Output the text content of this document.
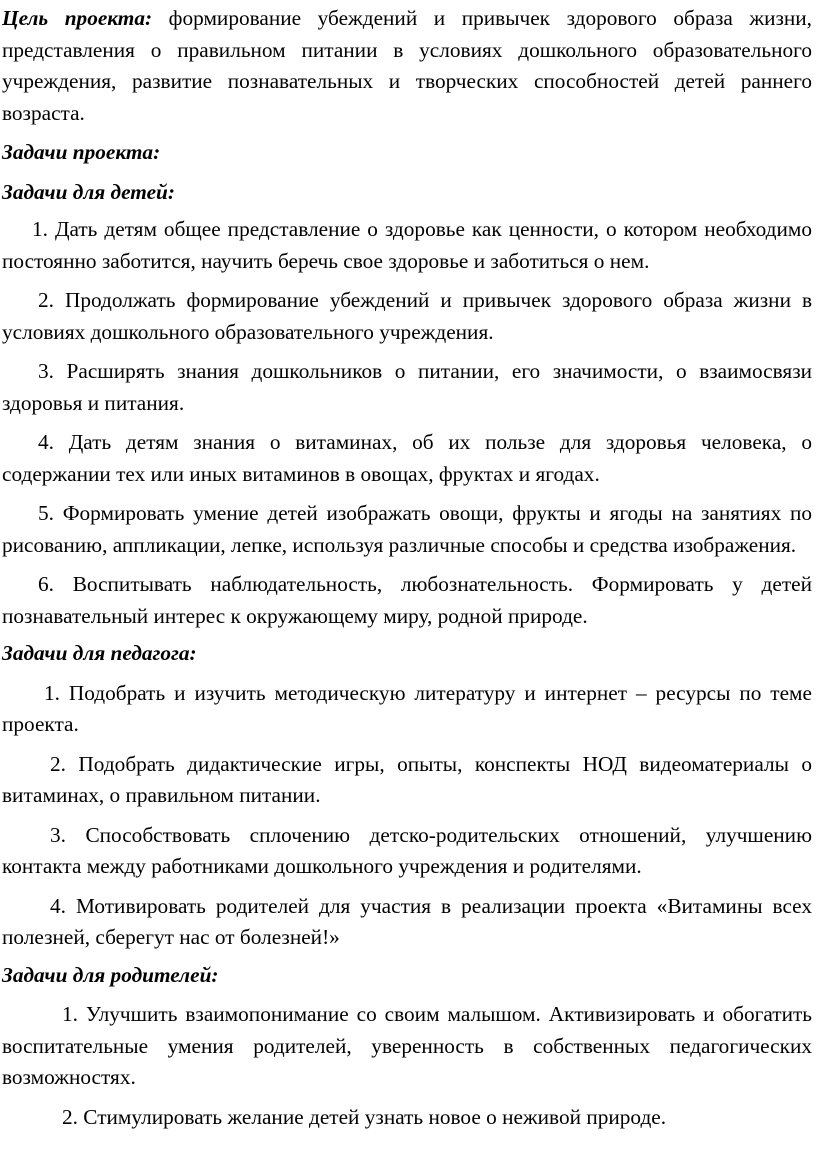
Цель проекта: формирование убеждений и привычек здорового образа жизни, представления о правильном питании в условиях дошкольного образовательного учреждения, развитие познавательных и творческих способностей детей раннего возраста.

Задачи проекта:

Задачи для детей:

1. Дать детям общее представление о здоровье как ценности, о котором необходимо постоянно заботится, научить беречь свое здоровье и заботиться о нем.

2. Продолжать формирование убеждений и привычек здорового образа жизни в условиях дошкольного образовательного учреждения.

3. Расширять знания дошкольников о питании, его значимости, о взаимосвязи здоровья и питания.

4. Дать детям знания о витаминах, об их пользе для здоровья человека, о содержании тех или иных витаминов в овощах, фруктах и ягодах.

5. Формировать умение детей изображать овощи, фрукты и ягоды на занятиях по рисованию, аппликации, лепке, используя различные способы и средства изображения.

6. Воспитывать наблюдательность, любознательность. Формировать у детей познавательный интерес к окружающему миру, родной природе.

Задачи для педагога:

1. Подобрать и изучить методическую литературу и интернет – ресурсы по теме проекта.

2. Подобрать дидактические игры, опыты, конспекты НОД видеоматериалы о витаминах, о правильном питании.

3. Способствовать сплочению детско-родительских отношений, улучшению контакта между работниками дошкольного учреждения и родителями.

4. Мотивировать родителей для участия в реализации проекта «Витамины всех полезней, сберегут нас от болезней!»

Задачи для родителей:

1. Улучшить взаимопонимание со своим малышом. Активизировать и обогатить воспитательные умения родителей, уверенность в собственных педагогических возможностях.

2. Стимулировать желание детей узнать новое о неживой природе.
